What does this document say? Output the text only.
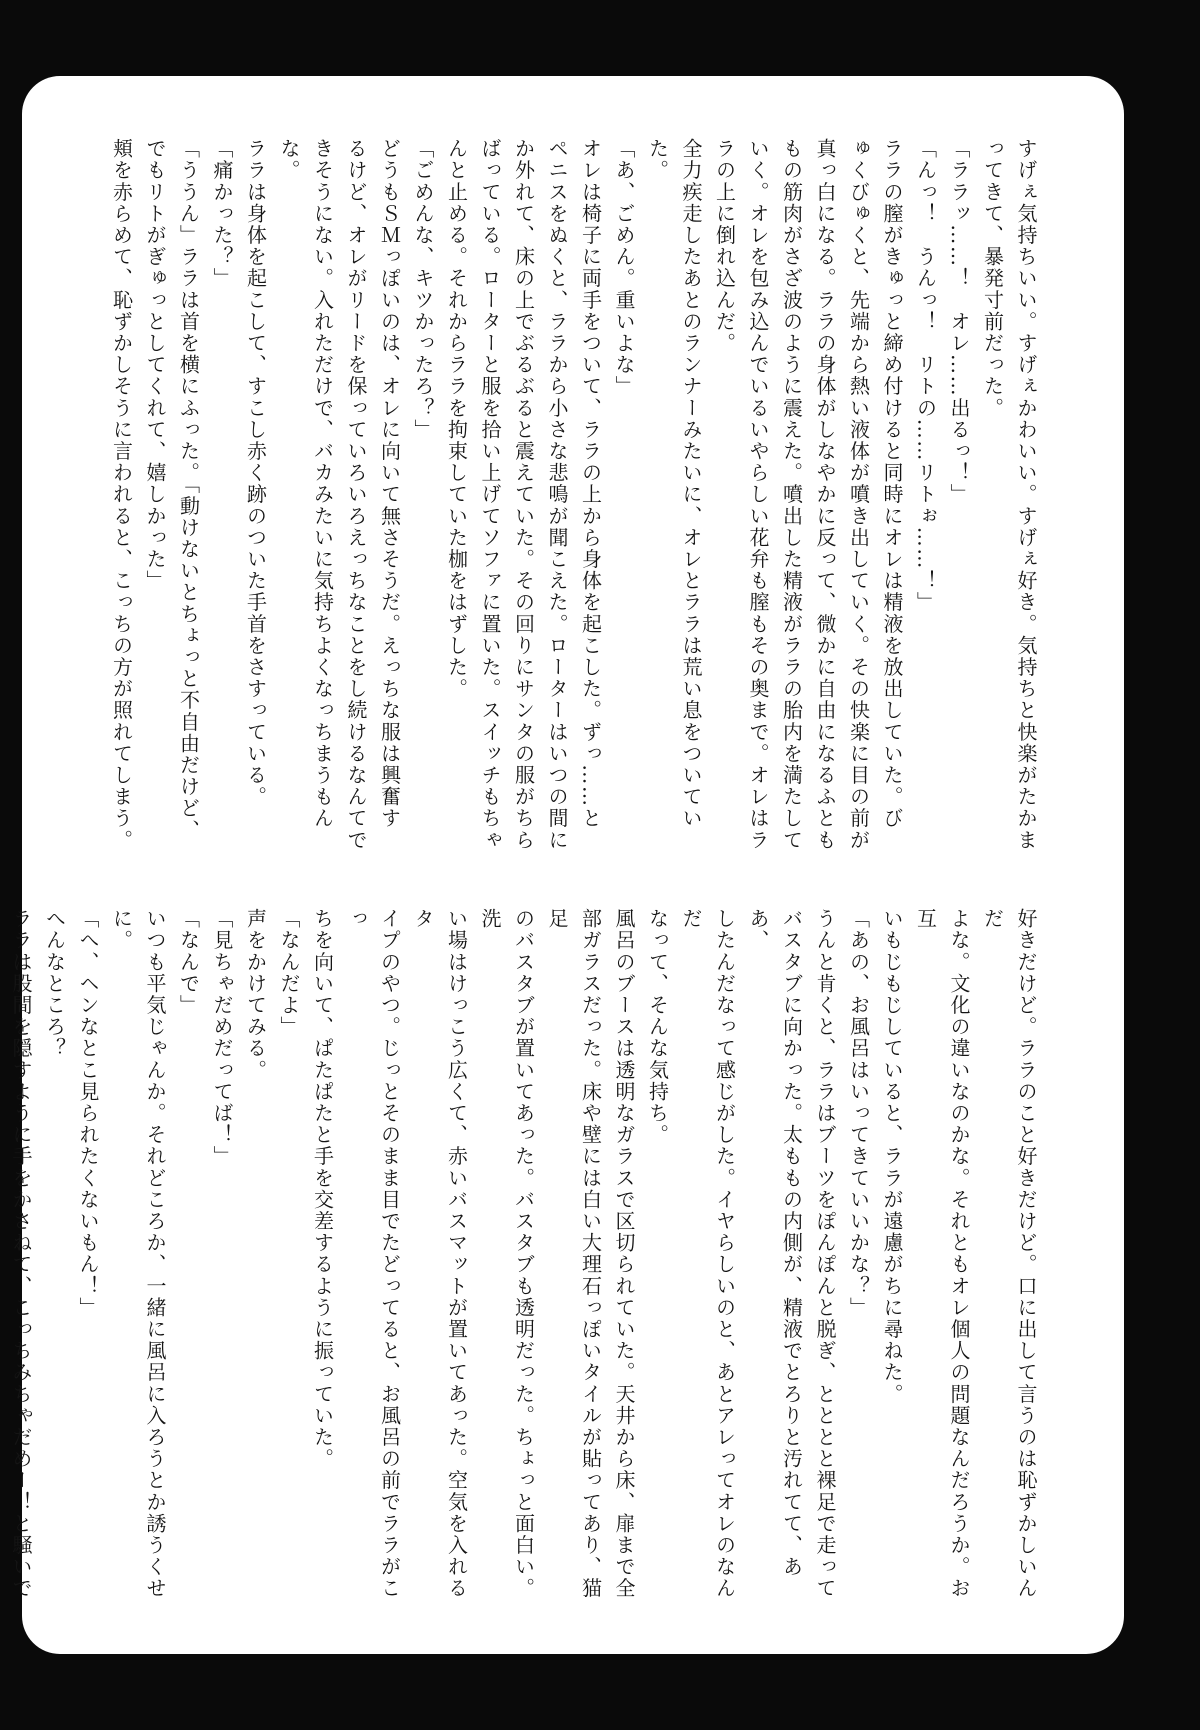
すげぇ気持ちいい。すげぇかわいい。すげぇ好き。気持ちと快楽がたかま

ってきて、暴発寸前だった。

「ララッ……！　オレ……出るっ！」

「んっ！　うんっ！　リトの……リトぉ……！」

ララの膣がきゅっと締め付けると同時にオレは精液を放出していた。び

ゅくびゅくと、先端から熱い液体が噴き出していく。その快楽に目の前が

真っ白になる。ララの身体がしなやかに反って、微かに自由になるふとも

もの筋肉がさざ波のように震えた。噴出した精液がララの胎内を満たして

いく。オレを包み込んでいるいやらしい花弁も膣もその奥まで。オレはラ

ラの上に倒れ込んだ。

全力疾走したあとのランナーみたいに、オレとララは荒い息をついてい

た。

「あ、ごめん。重いよな」

オレは椅子に両手をついて、ララの上から身体を起こした。ずっ……と

ペニスをぬくと、ララから小さな悲鳴が聞こえた。ローターはいつの間に

か外れて、床の上でぶるぶると震えていた。その回りにサンタの服がちら

ばっている。ローターと服を拾い上げてソファに置いた。スイッチもちゃ

んと止める。それからララを拘束していた枷をはずした。

「ごめんな、キツかったろ？」

どうもＳＭっぽいのは、オレに向いて無さそうだ。えっちな服は興奮す

るけど、オレがリードを保っていろいろえっちなことをし続けるなんてで

きそうにない。入れただけで、バカみたいに気持ちよくなっちまうもんな。

ララは身体を起こして、すこし赤く跡のついた手首をさすっている。

「痛かった？」

「ううん」ララは首を横にふった。「動けないとちょっと不自由だけど、

でもリトがぎゅっとしてくれて、嬉しかった」

頬を赤らめて、恥ずかしそうに言われると、こっちの方が照れてしまう。

好きだけど。ララのこと好きだけど。口に出して言うのは恥ずかしいんだ

よな。文化の違いなのかな。それともオレ個人の問題なんだろうか。お互

いもじもじしていると、ララが遠慮がちに尋ねた。

「あの、お風呂はいってきていいかな？」

うんと肯くと、ララはブーツをぽんぽんと脱ぎ、とととと裸足で走って

バスタブに向かった。太ももの内側が、精液でとろりと汚れてて、ああ、

したんだなって感じがした。イヤらしいのと、あとアレってオレのなんだ

なって、そんな気持ち。

風呂のブースは透明なガラスで区切られていた。天井から床、扉まで全

部ガラスだった。床や壁には白い大理石っぽいタイルが貼ってあり、猫足

のバスタブが置いてあった。バスタブも透明だった。ちょっと面白い。洗

い場はけっこう広くて、赤いバスマットが置いてあった。空気を入れるタ

イプのやつ。じっとそのまま目でたどってると、お風呂の前でララがこっ

ちを向いて、ぱたぱたと手を交差するように振っていた。

「なんだよ」

声をかけてみる。

「見ちゃだめだってば！」

「なんで」

いつも平気じゃんか。それどころか、一緒に風呂に入ろうとか誘うくせ

に。

「へ、ヘンなとこ見られたくないもん！」

へんなところ？

ララは股間を隠すように手をかさねて、こっちみちゃだめー！と騒いで
